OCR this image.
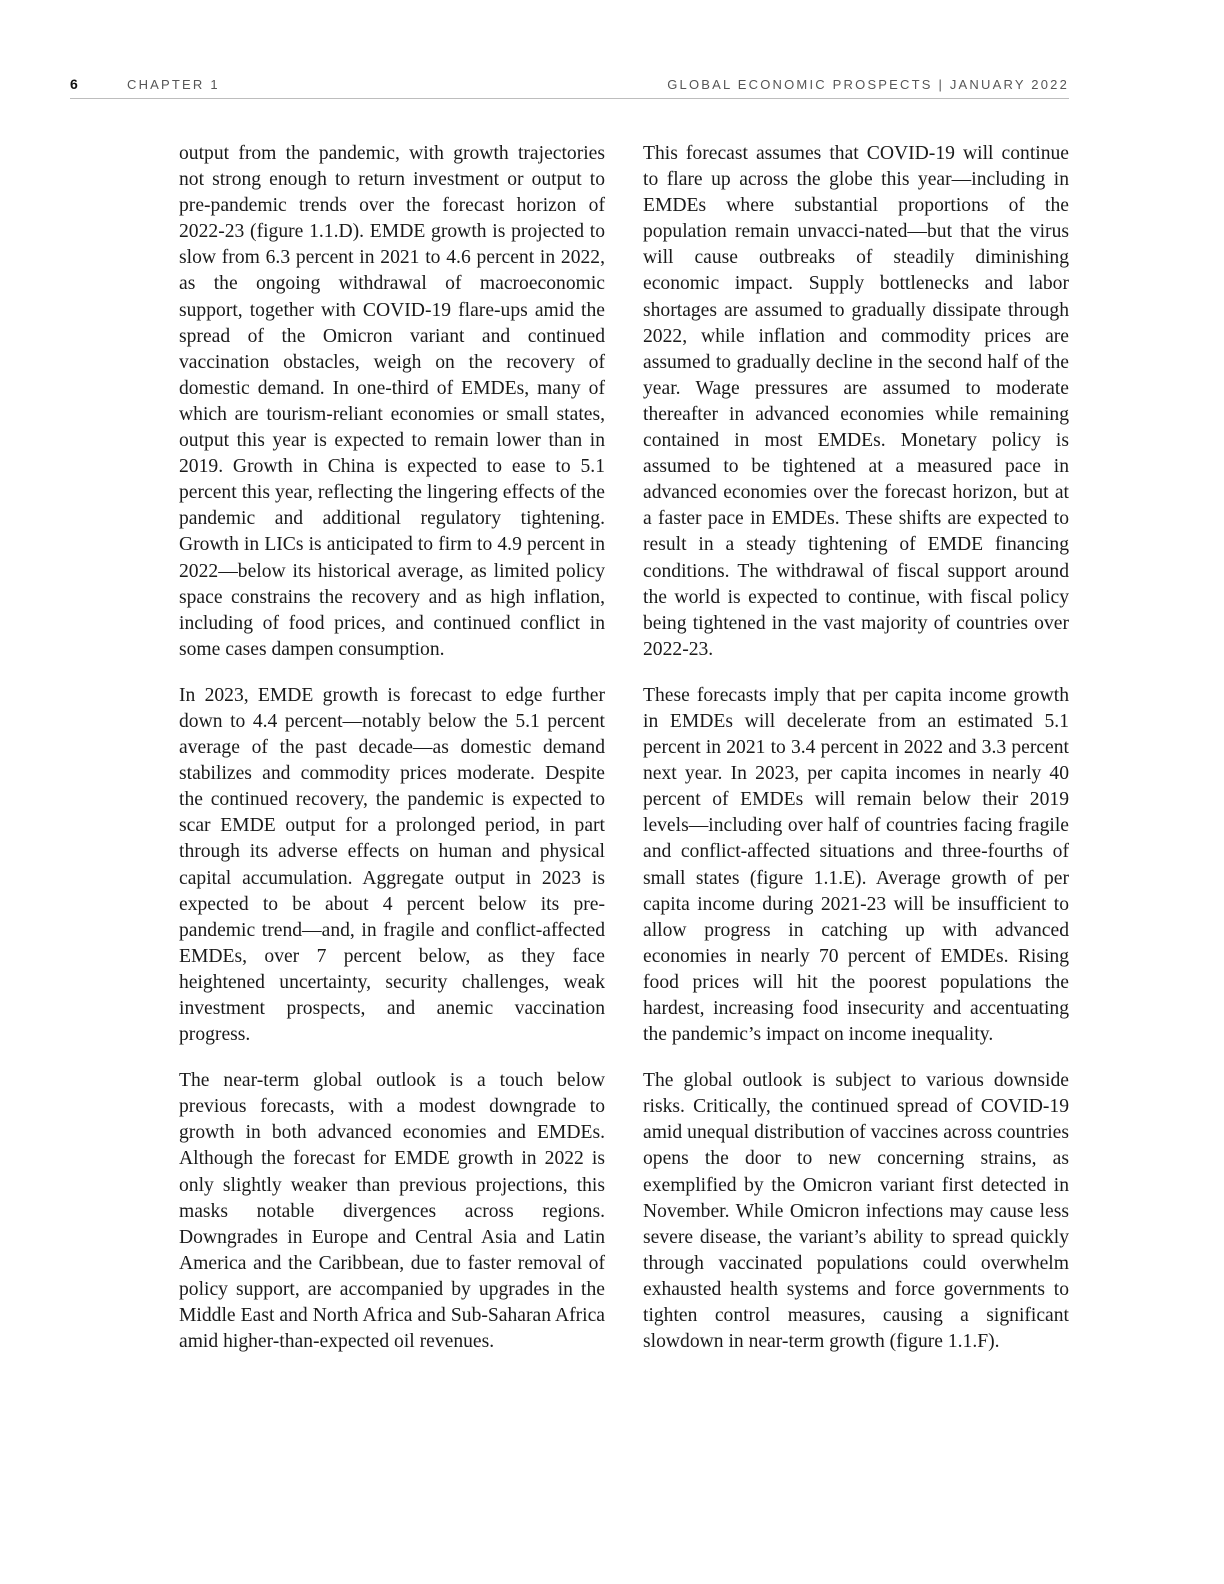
6	CHAPTER 1	GLOBAL ECONOMIC PROSPECTS | JANUARY 2022

output from the pandemic, with growth trajectories not strong enough to return investment or output to pre-pandemic trends over the forecast horizon of 2022-23 (figure 1.1.D). EMDE growth is projected to slow from 6.3 percent in 2021 to 4.6 percent in 2022, as the ongoing withdrawal of macroeconomic support, together with COVID-19 flare-ups amid the spread of the Omicron variant and continued vaccination obstacles, weigh on the recovery of domestic demand. In one-third of EMDEs, many of which are tourism-reliant economies or small states, output this year is expected to remain lower than in 2019. Growth in China is expected to ease to 5.1 percent this year, reflecting the lingering effects of the pandemic and additional regulatory tightening. Growth in LICs is anticipated to firm to 4.9 percent in 2022—below its historical average, as limited policy space constrains the recovery and as high inflation, including of food prices, and continued conflict in some cases dampen consumption.

In 2023, EMDE growth is forecast to edge further down to 4.4 percent—notably below the 5.1 percent average of the past decade—as domestic demand stabilizes and commodity prices moderate. Despite the continued recovery, the pandemic is expected to scar EMDE output for a prolonged period, in part through its adverse effects on human and physical capital accumulation. Aggregate output in 2023 is expected to be about 4 percent below its pre-pandemic trend—and, in fragile and conflict-affected EMDEs, over 7 percent below, as they face heightened uncertainty, security challenges, weak investment prospects, and anemic vaccination progress.

The near-term global outlook is a touch below previous forecasts, with a modest downgrade to growth in both advanced economies and EMDEs. Although the forecast for EMDE growth in 2022 is only slightly weaker than previous projections, this masks notable divergences across regions. Downgrades in Europe and Central Asia and Latin America and the Caribbean, due to faster removal of policy support, are accompanied by upgrades in the Middle East and North Africa and Sub-Saharan Africa amid higher-than-expected oil revenues.

This forecast assumes that COVID-19 will continue to flare up across the globe this year—including in EMDEs where substantial proportions of the population remain unvacci-nated—but that the virus will cause outbreaks of steadily diminishing economic impact. Supply bottlenecks and labor shortages are assumed to gradually dissipate through 2022, while inflation and commodity prices are assumed to gradually decline in the second half of the year. Wage pressures are assumed to moderate thereafter in advanced economies while remaining contained in most EMDEs. Monetary policy is assumed to be tightened at a measured pace in advanced economies over the forecast horizon, but at a faster pace in EMDEs. These shifts are expected to result in a steady tightening of EMDE financing conditions. The withdrawal of fiscal support around the world is expected to continue, with fiscal policy being tightened in the vast majority of countries over 2022-23.

These forecasts imply that per capita income growth in EMDEs will decelerate from an estimated 5.1 percent in 2021 to 3.4 percent in 2022 and 3.3 percent next year. In 2023, per capita incomes in nearly 40 percent of EMDEs will remain below their 2019 levels—including over half of countries facing fragile and conflict-affected situations and three-fourths of small states (figure 1.1.E). Average growth of per capita income during 2021-23 will be insufficient to allow progress in catching up with advanced economies in nearly 70 percent of EMDEs. Rising food prices will hit the poorest populations the hardest, increasing food insecurity and accentuating the pandemic’s impact on income inequality.

The global outlook is subject to various downside risks. Critically, the continued spread of COVID-19 amid unequal distribution of vaccines across countries opens the door to new concerning strains, as exemplified by the Omicron variant first detected in November. While Omicron infections may cause less severe disease, the variant’s ability to spread quickly through vaccinated populations could overwhelm exhausted health systems and force governments to tighten control measures, causing a significant slowdown in near-term growth (figure 1.1.F).
